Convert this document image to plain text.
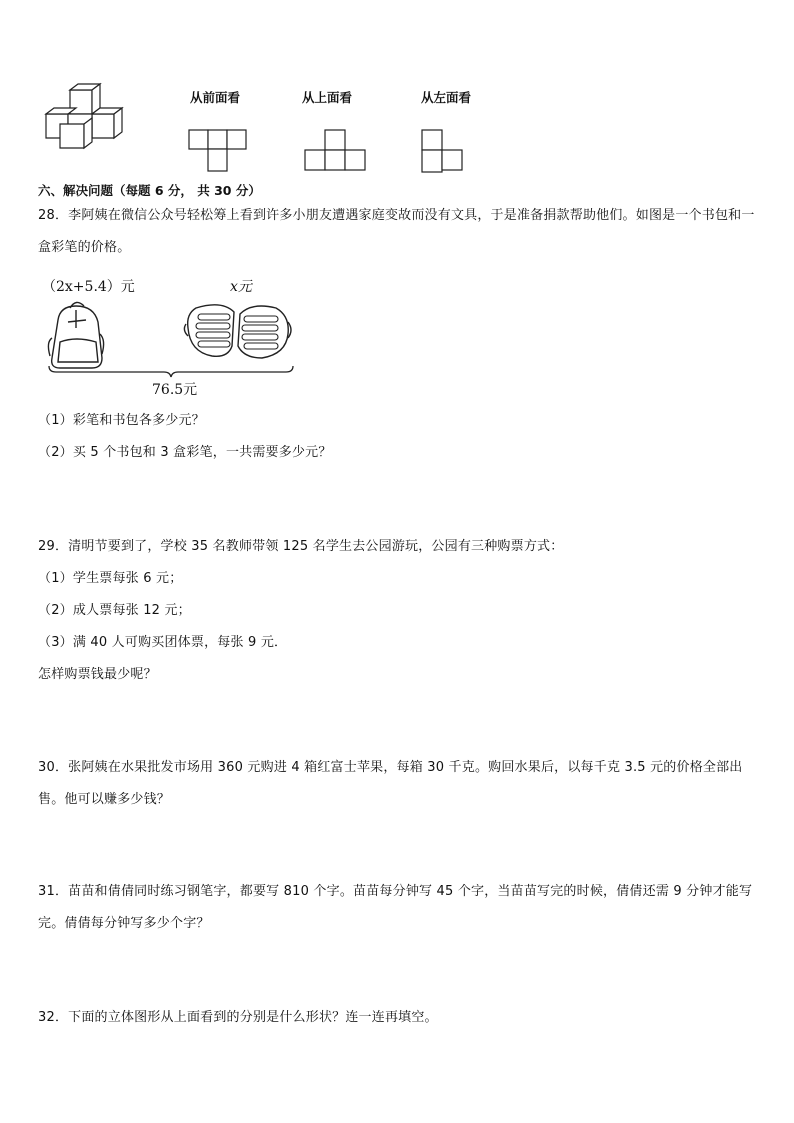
从前面看	从上面看	从左面看
六、解决问题（每题 6 分， 共 30 分）
28．李阿姨在微信公众号轻松筹上看到许多小朋友遭遇家庭变故而没有文具，于是准备捐款帮助他们。如图是一个书包和一盒彩笔的价格。
（2x+5.4）元	x元
76.5元
（1）彩笔和书包各多少元？
（2）买 5 个书包和 3 盒彩笔，一共需要多少元？
29．清明节要到了，学校 35 名教师带领 125 名学生去公园游玩，公园有三种购票方式：
（1）学生票每张 6 元；
（2）成人票每张 12 元；
（3）满 40 人可购买团体票，每张 9 元．
怎样购票钱最少呢？
30．张阿姨在水果批发市场用 360 元购进 4 箱红富士苹果，每箱 30 千克。购回水果后，以每千克 3.5 元的价格全部出售。他可以赚多少钱？
31．苗苗和倩倩同时练习钢笔字，都要写 810 个字。苗苗每分钟写 45 个字，当苗苗写完的时候，倩倩还需 9 分钟才能写完。倩倩每分钟写多少个字？
32．下面的立体图形从上面看到的分别是什么形状？连一连再填空。
